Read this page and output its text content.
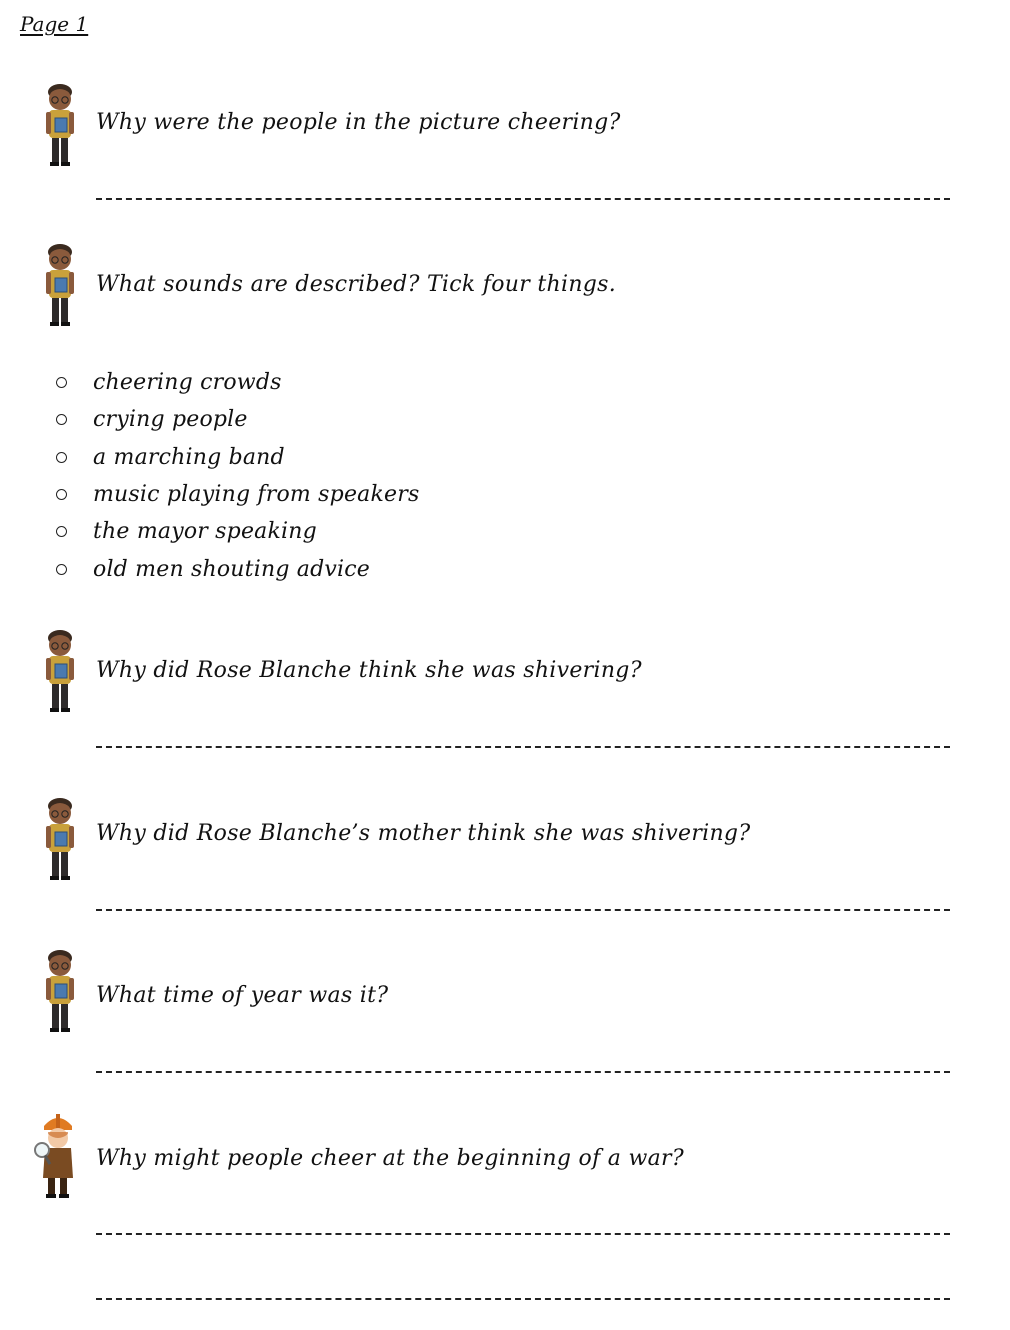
Page 1
Why were the people in the picture cheering?
What sounds are described? Tick four things.
cheering crowds
crying people
a marching band
music playing from speakers
the mayor speaking
old men shouting advice
Why did Rose Blanche think she was shivering?
Why did Rose Blanche’s mother think she was shivering?
What time of year was it?
Why might people cheer at the beginning of a war?
